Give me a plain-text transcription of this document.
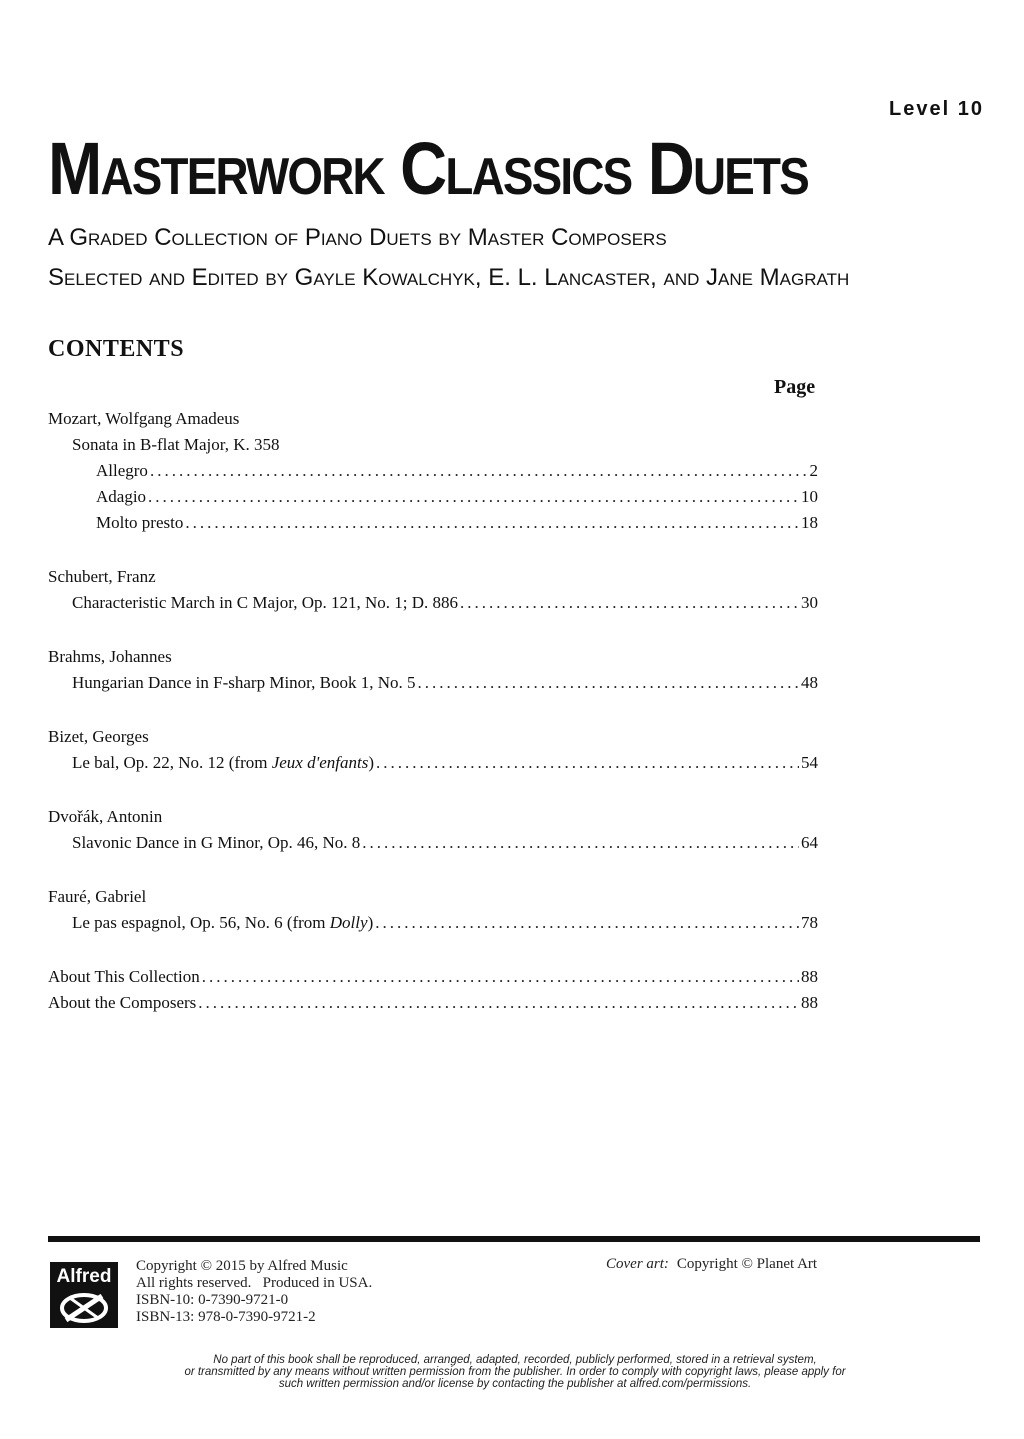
Level 10
Masterwork Classics Duets
A Graded Collection of Piano Duets by Master Composers
Selected and Edited by Gayle Kowalchyk, E. L. Lancaster, and Jane Magrath
CONTENTS
Page
Mozart, Wolfgang Amadeus
Sonata in B-flat Major, K. 358
Allegro .....	2
Adagio .....	10
Molto presto .....	18
Schubert, Franz
Characteristic March in C Major, Op. 121, No. 1; D. 886 .....	30
Brahms, Johannes
Hungarian Dance in F-sharp Minor, Book 1, No. 5 .....	48
Bizet, Georges
Le bal, Op. 22, No. 12 (from Jeux d'enfants) .....	54
Dvořák, Antonin
Slavonic Dance in G Minor, Op. 46, No. 8 .....	64
Fauré, Gabriel
Le pas espagnol, Op. 56, No. 6 (from Dolly) .....	78
About This Collection .....	88
About the Composers .....	88
Alfred	Copyright © 2015 by Alfred Music
All rights reserved.   Produced in USA.
ISBN-10: 0-7390-9721-0
ISBN-13: 978-0-7390-9721-2
Cover art: Copyright © Planet Art
No part of this book shall be reproduced, arranged, adapted, recorded, publicly performed, stored in a retrieval system,
or transmitted by any means without written permission from the publisher. In order to comply with copyright laws, please apply for
such written permission and/or license by contacting the publisher at alfred.com/permissions.
